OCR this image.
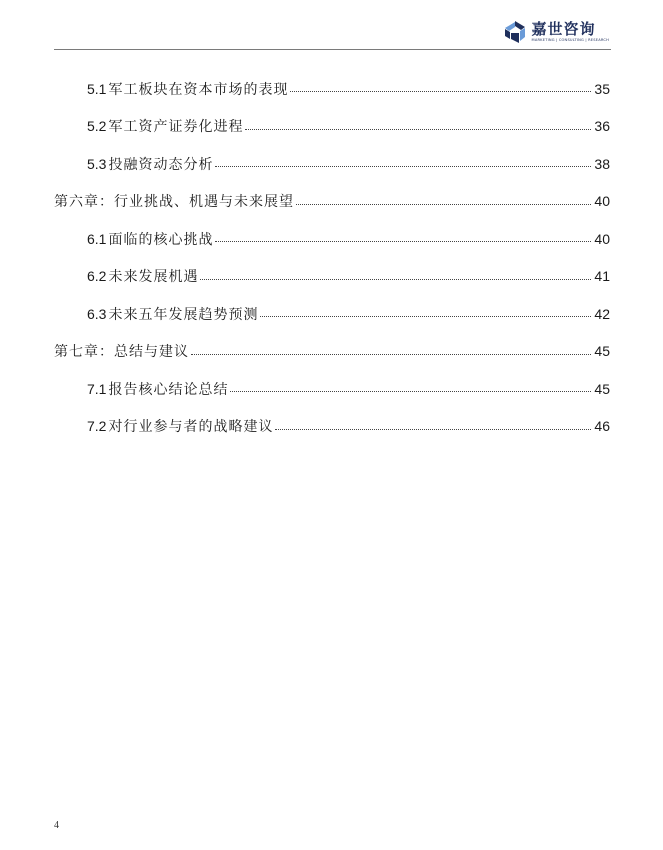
嘉世咨询
MARKETING | CONSULTING | RESEARCH
5.1 军工板块在资本市场的表现	35
5.2 军工资产证券化进程	36
5.3 投融资动态分析	38
第六章：行业挑战、机遇与未来展望	40
6.1 面临的核心挑战	40
6.2 未来发展机遇	41
6.3 未来五年发展趋势预测	42
第七章：总结与建议	45
7.1 报告核心结论总结	45
7.2 对行业参与者的战略建议	46
4
